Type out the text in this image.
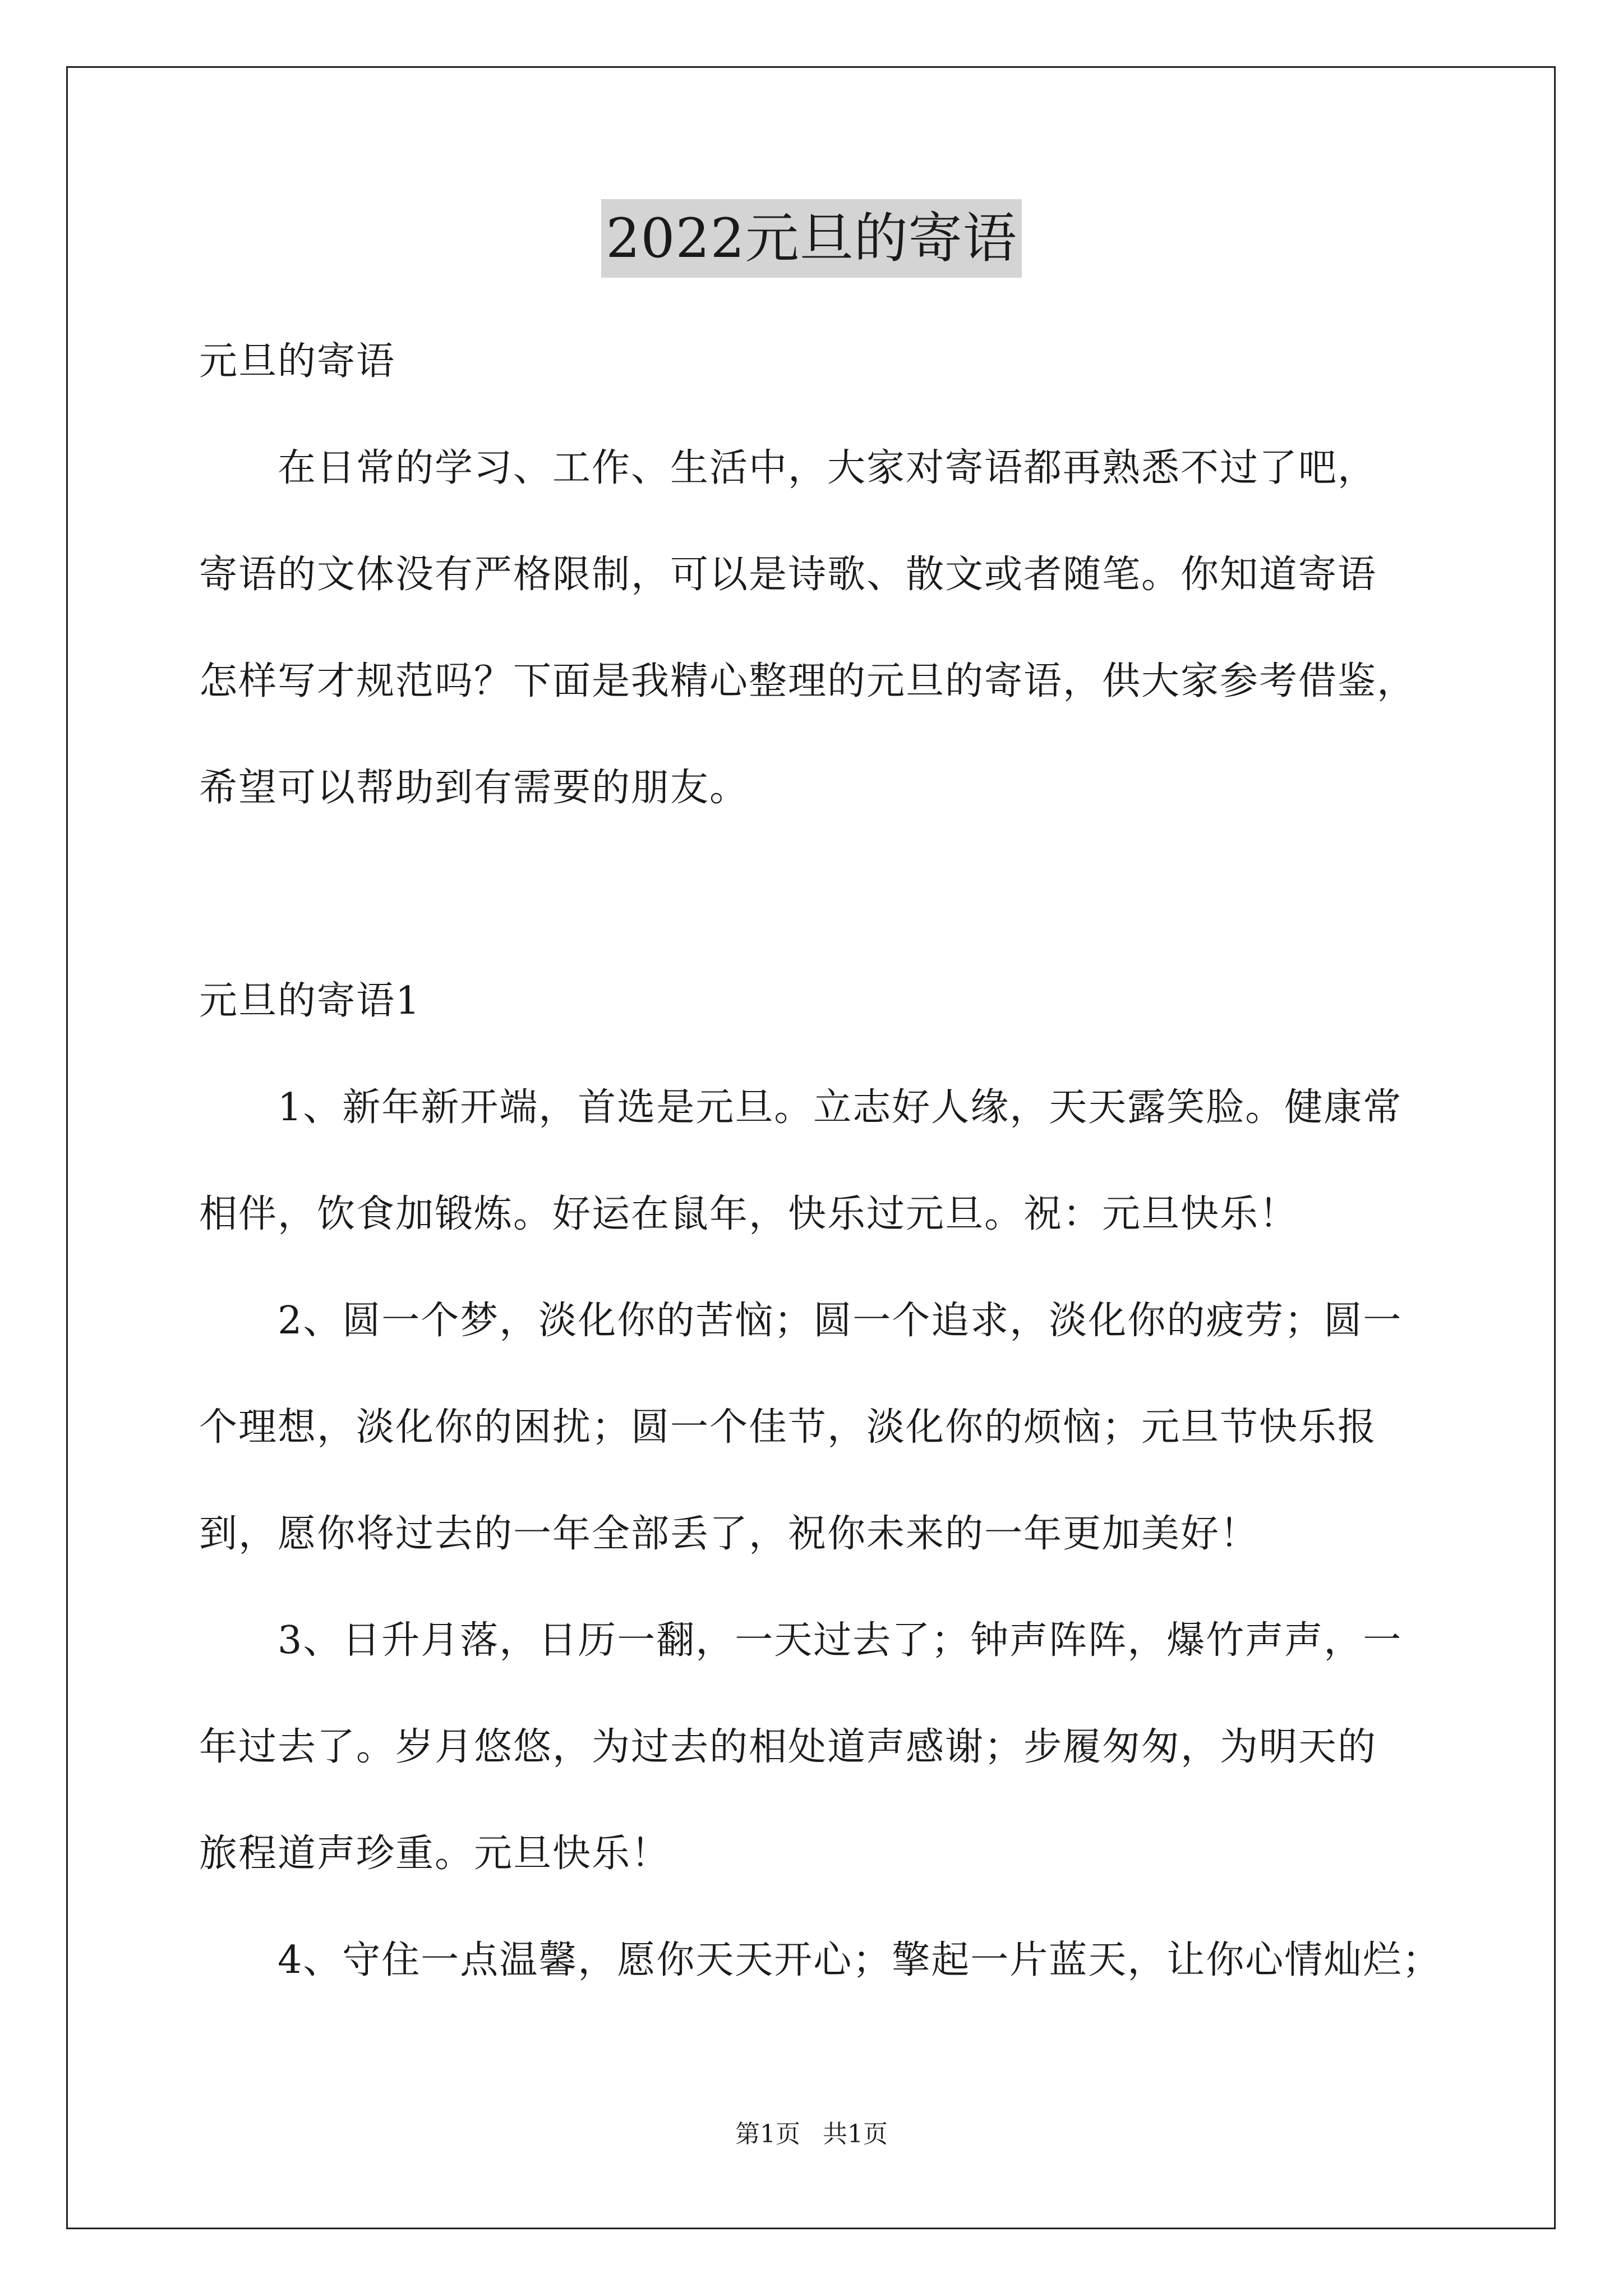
2022元旦的寄语
元旦的寄语
　　在日常的学习、工作、生活中，大家对寄语都再熟悉不过了吧，
寄语的文体没有严格限制，可以是诗歌、散文或者随笔。你知道寄语
怎样写才规范吗？下面是我精心整理的元旦的寄语，供大家参考借鉴，
希望可以帮助到有需要的朋友。
元旦的寄语1
　　1、新年新开端，首选是元旦。立志好人缘，天天露笑脸。健康常
相伴，饮食加锻炼。好运在鼠年，快乐过元旦。祝：元旦快乐！
　　2、圆一个梦，淡化你的苦恼；圆一个追求，淡化你的疲劳；圆一
个理想，淡化你的困扰；圆一个佳节，淡化你的烦恼；元旦节快乐报
到，愿你将过去的一年全部丢了，祝你未来的一年更加美好！
　　3、日升月落，日历一翻，一天过去了；钟声阵阵，爆竹声声，一
年过去了。岁月悠悠，为过去的相处道声感谢；步履匆匆，为明天的
旅程道声珍重。元旦快乐！
　　4、守住一点温馨，愿你天天开心；擎起一片蓝天，让你心情灿烂；
第1页 共1页
